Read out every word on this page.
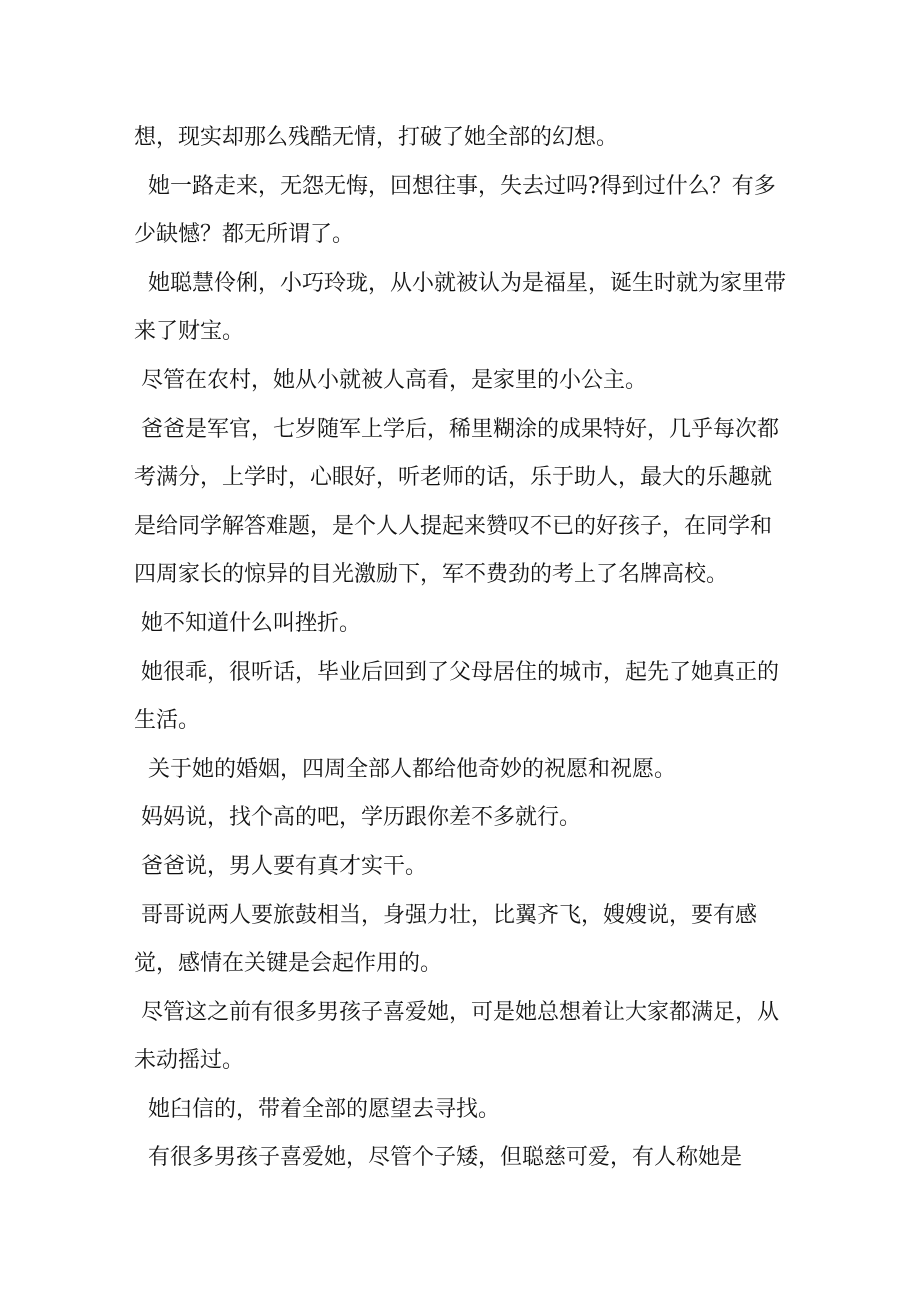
想，现实却那么残酷无情，打破了她全部的幻想。

她一路走来，无怨无悔，回想往事，失去过吗?得到过什么？有多少缺憾？都无所谓了。

她聪慧伶俐，小巧玲珑，从小就被认为是福星，诞生时就为家里带来了财宝。

尽管在农村，她从小就被人高看，是家里的小公主。

爸爸是军官，七岁随军上学后，稀里糊涂的成果特好，几乎每次都考满分，上学时，心眼好，听老师的话，乐于助人，最大的乐趣就是给同学解答难题，是个人人提起来赞叹不已的好孩子，在同学和四周家长的惊异的目光激励下，军不费劲的考上了名牌高校。

她不知道什么叫挫折。

她很乖，很听话，毕业后回到了父母居住的城市，起先了她真正的生活。

关于她的婚姻，四周全部人都给他奇妙的祝愿和祝愿。

妈妈说，找个高的吧，学历跟你差不多就行。

爸爸说，男人要有真才实干。

哥哥说两人要旅鼓相当，身强力壮，比翼齐飞，嫂嫂说，要有感觉，感情在关键是会起作用的。

尽管这之前有很多男孩子喜爱她，可是她总想着让大家都满足，从未动摇过。

她臼信的，带着全部的愿望去寻找。

有很多男孩子喜爱她，尽管个子矮，但聪慈可爱，有人称她是
